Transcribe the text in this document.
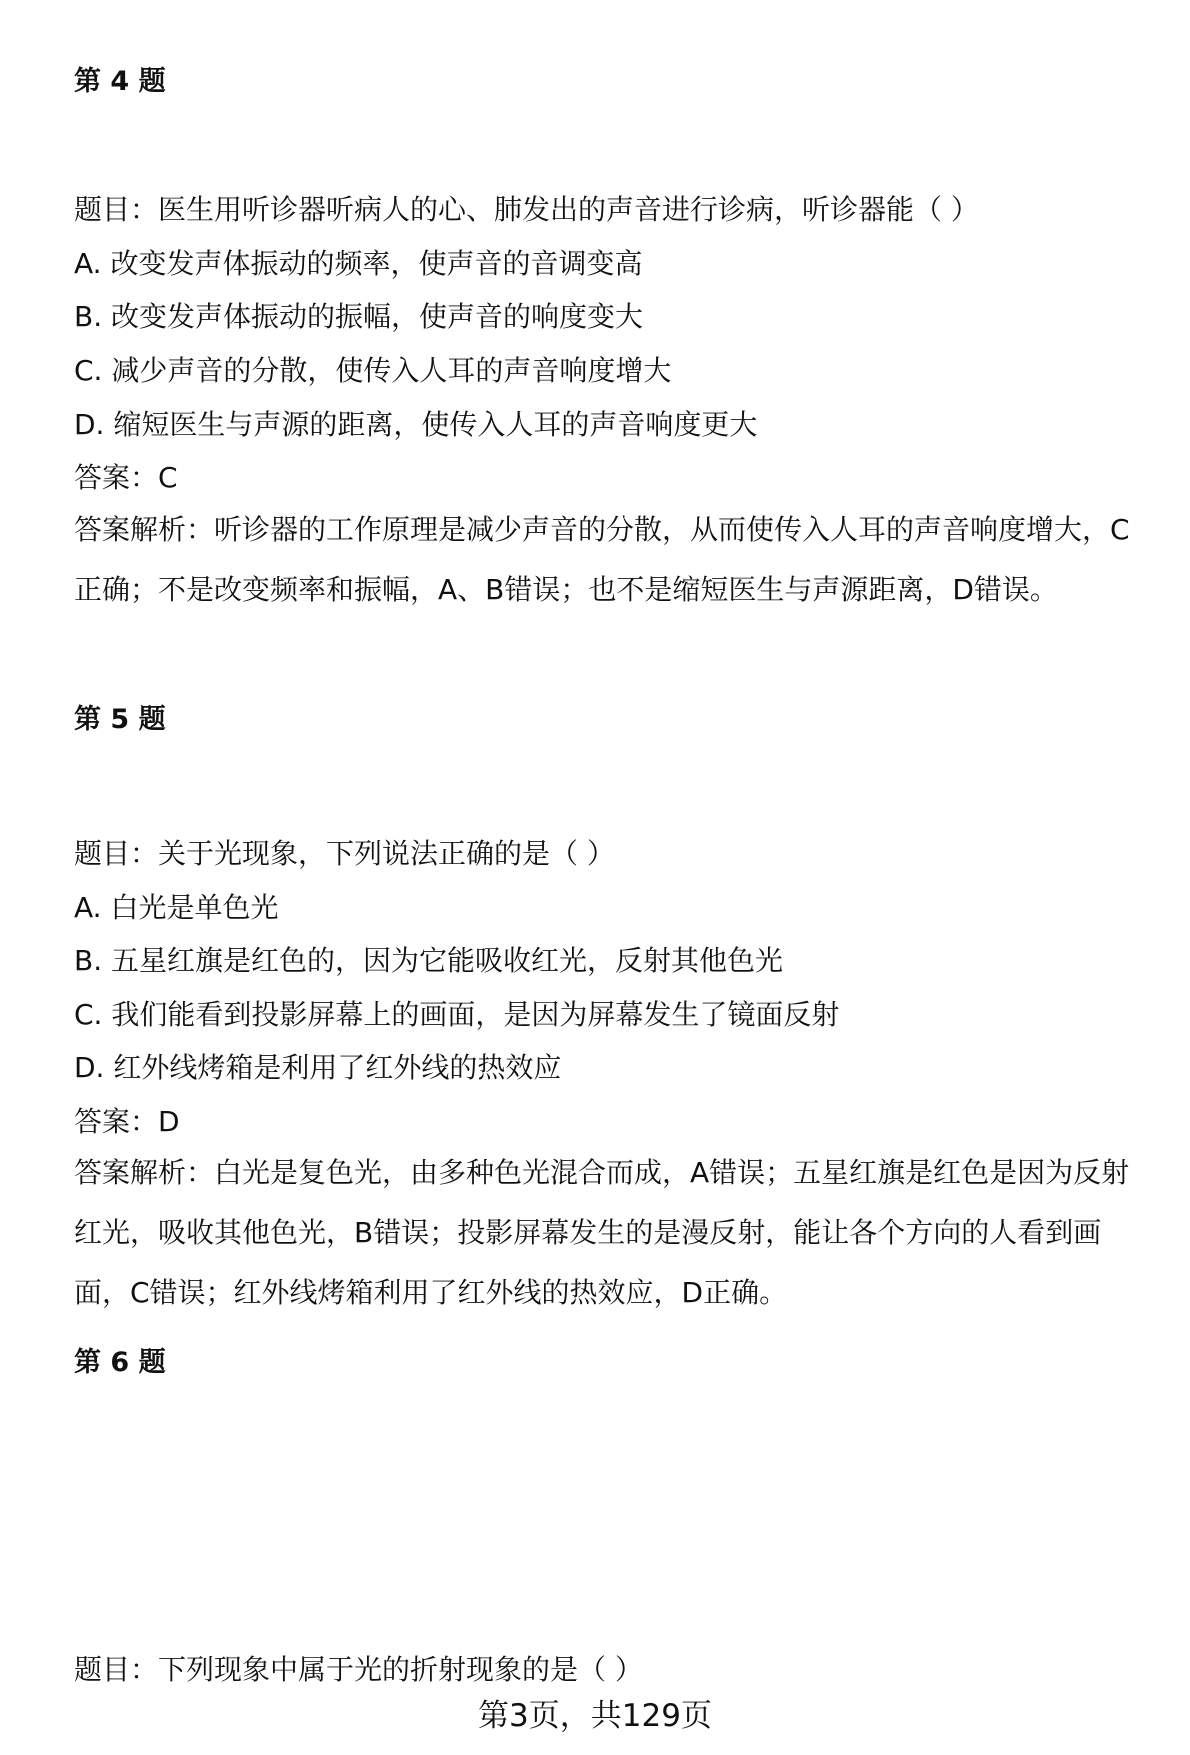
第 4 题
题目：医生用听诊器听病人的心、肺发出的声音进行诊病，听诊器能（ ）
A. 改变发声体振动的频率，使声音的音调变高
B. 改变发声体振动的振幅，使声音的响度变大
C. 减少声音的分散，使传入人耳的声音响度增大
D. 缩短医生与声源的距离，使传入人耳的声音响度更大
答案：C
答案解析：听诊器的工作原理是减少声音的分散，从而使传入人耳的声音响度增大，C正确；不是改变频率和振幅，A、B错误；也不是缩短医生与声源距离，D错误。
第 5 题
题目：关于光现象，下列说法正确的是（ ）
A. 白光是单色光
B. 五星红旗是红色的，因为它能吸收红光，反射其他色光
C. 我们能看到投影屏幕上的画面，是因为屏幕发生了镜面反射
D. 红外线烤箱是利用了红外线的热效应
答案：D
答案解析：白光是复色光，由多种色光混合而成，A错误；五星红旗是红色是因为反射红光，吸收其他色光，B错误；投影屏幕发生的是漫反射，能让各个方向的人看到画面，C错误；红外线烤箱利用了红外线的热效应，D正确。
第 6 题
题目：下列现象中属于光的折射现象的是（ ）
第3页，共129页
